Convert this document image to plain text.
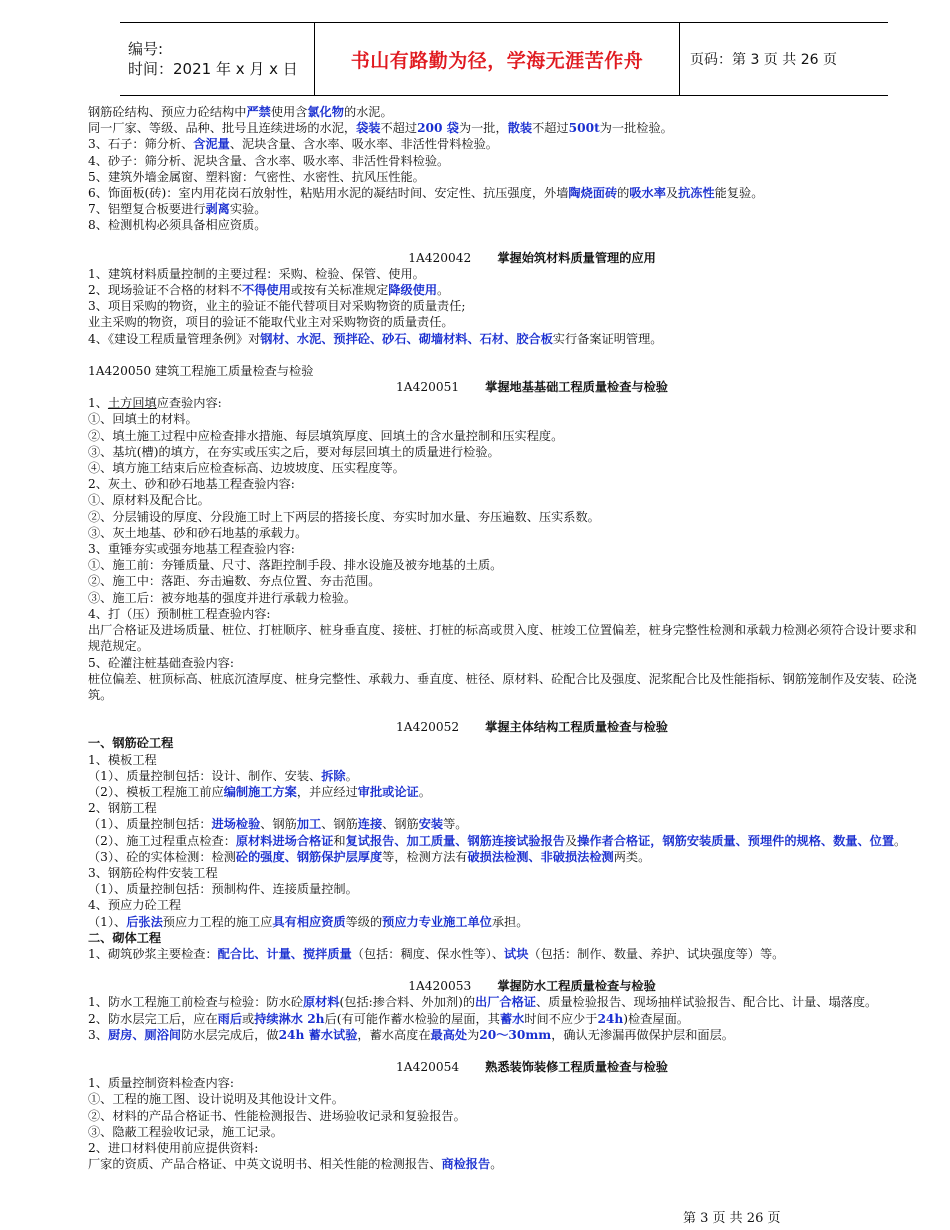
编号:
时间：2021 年 x 月 x 日	书山有路勤为径，学海无涯苦作舟	页码：第 3 页 共 26 页
钢筋砼结构、预应力砼结构中严禁使用含氯化物的水泥。
同一厂家、等级、品种、批号且连续进场的水泥，袋装不超过200 袋为一批，散装不超过500t为一批检验。
3、石子：筛分析、含泥量、泥块含量、含水率、吸水率、非活性骨料检验。
4、砂子：筛分析、泥块含量、含水率、吸水率、非活性骨料检验。
5、建筑外墙金属窗、塑料窗：气密性、水密性、抗风压性能。
6、饰面板(砖)：室内用花岗石放射性，粘贴用水泥的凝结时间、安定性、抗压强度，外墙陶烧面砖的吸水率及抗冻性能复验。
7、铝塑复合板要进行剥离实验。
8、检测机构必须具备相应资质。
1A420042 掌握始筑材料质量管理的应用
1、建筑材料质量控制的主要过程：采购、检验、保管、使用。
2、现场验证不合格的材料不不得使用或按有关标准规定降级使用。
3、项目采购的物资，业主的验证不能代替项目对采购物资的质量责任;
业主采购的物资，项目的验证不能取代业主对采购物资的质量责任。
4、《建设工程质量管理条例》对钢材、水泥、预拌砼、砂石、砌墙材料、石材、胶合板实行备案证明管理。
1A420050 建筑工程施工质量检查与检验
1A420051 掌握地基基础工程质量检查与检验
1、土方回填应查验内容:
①、回填土的材料。
②、填土施工过程中应检查排水措施、每层填筑厚度、回填土的含水量控制和压实程度。
③、基坑(槽)的填方，在夯实或压实之后，要对每层回填土的质量进行检验。
④、填方施工结束后应检查标高、边坡坡度、压实程度等。
2、灰土、砂和砂石地基工程查验内容:
①、原材料及配合比。
②、分层铺设的厚度、分段施工时上下两层的搭接长度、夯实时加水量、夯压遍数、压实系数。
③、灰土地基、砂和砂石地基的承载力。
3、重锤夯实或强夯地基工程查验内容:
①、施工前：夯锤质量、尺寸、落距控制手段、排水设施及被夯地基的土质。
②、施工中：落距、夯击遍数、夯点位置、夯击范围。
③、施工后：被夯地基的强度并进行承载力检验。
4、打（压）预制桩工程查验内容:
出厂合格证及进场质量、桩位、打桩顺序、桩身垂直度、接桩、打桩的标高或贯入度、桩竣工位置偏差，桩身完整性检测和承载力检测必须符合设计要求和规范规定。
5、砼灌注桩基础查验内容:
桩位偏差、桩顶标高、桩底沉渣厚度、桩身完整性、承载力、垂直度、桩径、原材料、砼配合比及强度、泥浆配合比及性能指标、钢筋笼制作及安装、砼浇筑。
1A420052 掌握主体结构工程质量检查与检验
一、钢筋砼工程
1、模板工程
（1）、质量控制包括：设计、制作、安装、拆除。
（2）、模板工程施工前应编制施工方案，并应经过审批或论证。
2、钢筋工程
（1）、质量控制包括：进场检验、钢筋加工、钢筋连接、钢筋安装等。
（2）、施工过程重点检查：原材料进场合格证和复试报告、加工质量、钢筋连接试验报告及操作者合格证，钢筋安装质量、预埋件的规格、数量、位置。
（3）、砼的实体检测：检测砼的强度、钢筋保护层厚度等，检测方法有破损法检测、非破损法检测两类。
3、钢筋砼构件安装工程
（1）、质量控制包括：预制构件、连接质量控制。
4、预应力砼工程
（1）、后张法预应力工程的施工应具有相应资质等级的预应力专业施工单位承担。
二、砌体工程
1、砌筑砂浆主要检查：配合比、计量、搅拌质量（包括：稠度、保水性等）、试块（包括：制作、数量、养护、试块强度等）等。
1A420053 掌握防水工程质量检查与检验
1、防水工程施工前检查与检验：防水砼原材料(包括:掺合料、外加剂)的出厂合格证、质量检验报告、现场抽样试验报告、配合比、计量、塌落度。
2、防水层完工后，应在雨后或持续淋水 2h后(有可能作蓄水检验的屋面，其蓄水时间不应少于24h)检查屋面。
3、厨房、厕浴间防水层完成后，做24h 蓄水试验，蓄水高度在最高处为20～30mm，确认无渗漏再做保护层和面层。
1A420054 熟悉装饰装修工程质量检查与检验
1、质量控制资料检查内容:
①、工程的施工图、设计说明及其他设计文件。
②、材料的产品合格证书、性能检测报告、进场验收记录和复验报告。
③、隐蔽工程验收记录，施工记录。
2、进口材料使用前应提供资料:
厂家的资质、产品合格证、中英文说明书、相关性能的检测报告、商检报告。
第 3 页 共 26 页
